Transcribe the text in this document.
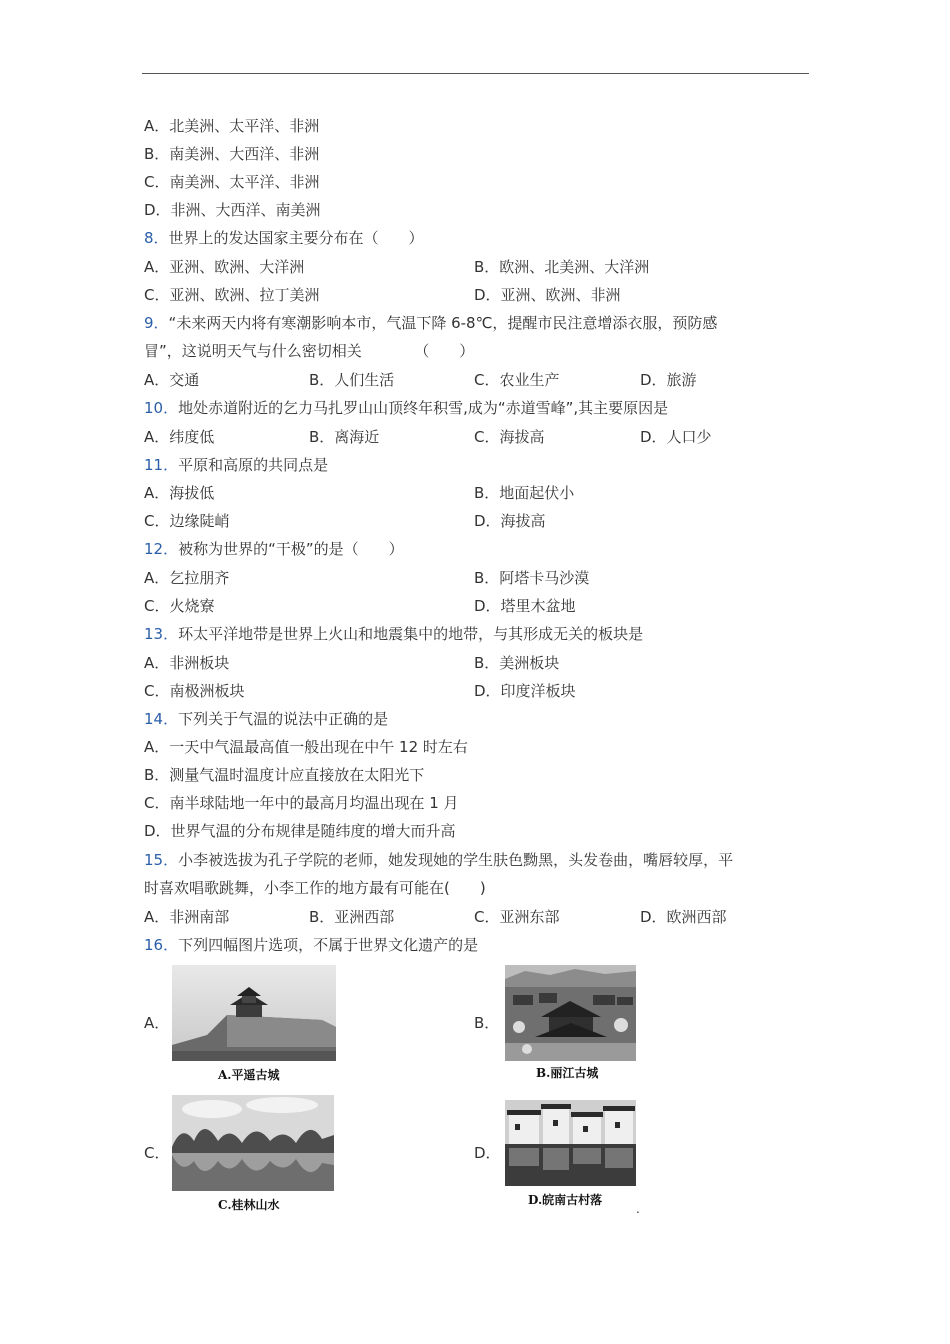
A．北美洲、太平洋、非洲
B．南美洲、大西洋、非洲
C．南美洲、太平洋、非洲
D．非洲、大西洋、南美洲
8．世界上的发达国家主要分布在（　　）
A．亚洲、欧洲、大洋洲	B．欧洲、北美洲、大洋洲
C．亚洲、欧洲、拉丁美洲	D．亚洲、欧洲、非洲
9．“未来两天内将有寒潮影响本市，气温下降 6-8℃，提醒市民注意增添衣服，预防感
冒”，这说明天气与什么密切相关　　　　（　　）
A．交通	B．人们生活	C．农业生产	D．旅游
10．地处赤道附近的乞力马扎罗山山顶终年积雪,成为“赤道雪峰”,其主要原因是
A．纬度低	B．离海近	C．海拔高	D．人口少
11．平原和高原的共同点是
A．海拔低	B．地面起伏小
C．边缘陡峭	D．海拔高
12．被称为世界的“干极”的是（　　）
A．乞拉朋齐	B．阿塔卡马沙漠
C．火烧寮	D．塔里木盆地
13．环太平洋地带是世界上火山和地震集中的地带，与其形成无关的板块是
A．非洲板块	B．美洲板块
C．南极洲板块	D．印度洋板块
14．下列关于气温的说法中正确的是
A．一天中气温最高值一般出现在中午 12 时左右
B．测量气温时温度计应直接放在太阳光下
C．南半球陆地一年中的最高月均温出现在 1 月
D．世界气温的分布规律是随纬度的增大而升高
15．小李被选拔为孔子学院的老师，她发现她的学生肤色黝黑，头发卷曲，嘴唇较厚，平
时喜欢唱歌跳舞，小李工作的地方最有可能在(　　)
A．非洲南部	B．亚洲西部	C．亚洲东部	D．欧洲西部
16．下列四幅图片选项，不属于世界文化遗产的是
A．
A.平遥古城
B．
B.丽江古城
C．
C.桂林山水
D．
D.皖南古村落
.
